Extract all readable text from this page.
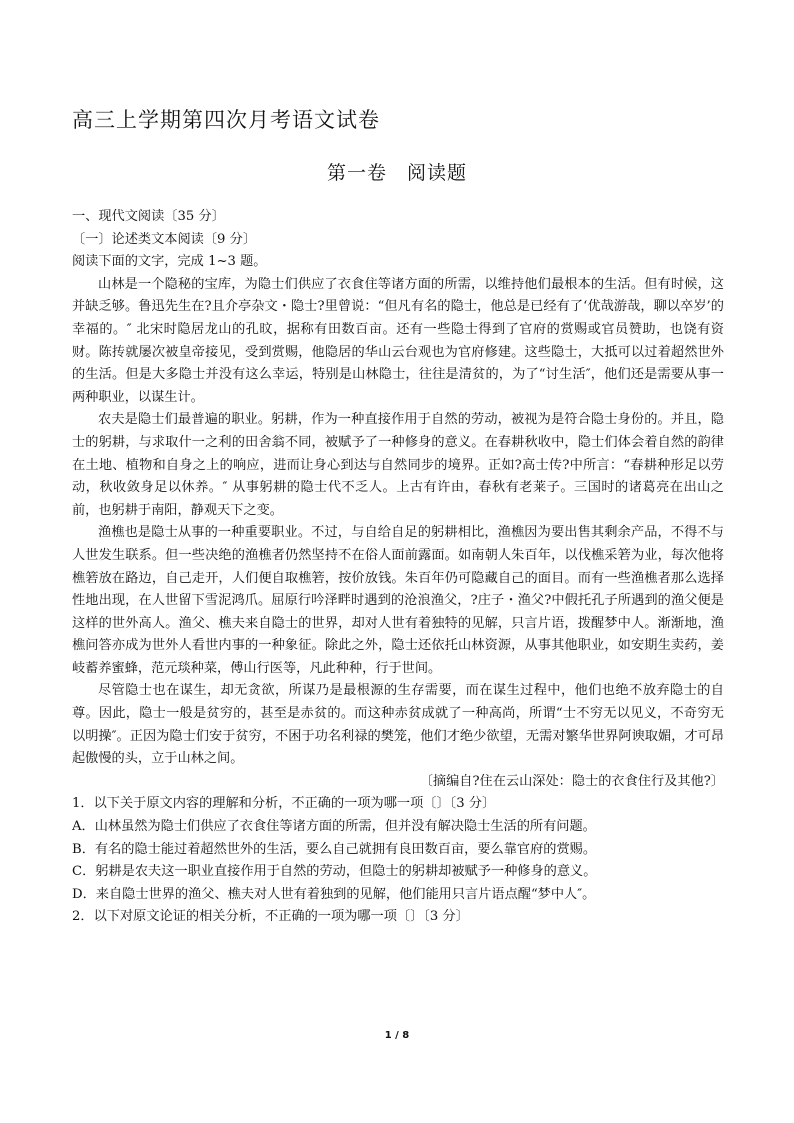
高三上学期第四次月考语文试卷
第一卷　阅读题
一、现代文阅读〔35 分〕
〔一〕论述类文本阅读〔9 分〕
阅读下面的文字，完成 1~3 题。
山林是一个隐秘的宝库，为隐士们供应了衣食住等诸方面的所需，以维持他们最根本的生活。但有时候，这并缺乏够。鲁迅先生在?且介亭杂文・隐士?里曾说：“但凡有名的隐士，他总是已经有了‘优哉游哉，聊以卒岁’的幸福的。″ 北宋时隐居龙山的孔旼，据称有田数百亩。还有一些隐士得到了官府的赏赐或官员赞助，也饶有资财。陈抟就屡次被皇帝接见，受到赏赐，他隐居的华山云台观也为官府修建。这些隐士，大抵可以过着超然世外的生活。但是大多隐士并没有这么幸运，特别是山林隐士，往往是清贫的，为了“讨生活″，他们还是需要从事一两种职业，以谋生计。
农夫是隐士们最普遍的职业。躬耕，作为一种直接作用于自然的劳动，被视为是符合隐士身份的。并且，隐士的躬耕，与求取什一之利的田舍翁不同，被赋予了一种修身的意义。在春耕秋收中，隐士们体会着自然的韵律在土地、植物和自身之上的响应，进而让身心到达与自然同步的境界。正如?高士传?中所言：“春耕种形足以劳动，秋收敛身足以休养。″ 从事躬耕的隐士代不乏人。上古有许由，春秋有老莱子。三国时的诸葛亮在出山之前，也躬耕于南阳，静观天下之变。
渔樵也是隐士从事的一种重要职业。不过，与自给自足的躬耕相比，渔樵因为要出售其剩余产品，不得不与人世发生联系。但一些决绝的渔樵者仍然坚持不在俗人面前露面。如南朝人朱百年，以伐樵采箬为业，每次他将樵箬放在路边，自己走开，人们便自取樵箬，按价放钱。朱百年仍可隐藏自己的面目。而有一些渔樵者那么选择性地出现，在人世留下雪泥鸿爪。屈原行吟泽畔时遇到的沧浪渔父，?庄子・渔父?中假托孔子所遇到的渔父便是这样的世外高人。渔父、樵夫来自隐士的世界，却对人世有着独特的见解，只言片语，拨醒梦中人。渐渐地，渔樵问答亦成为世外人看世内事的一种象征。除此之外，隐士还依托山林资源，从事其他职业，如安期生卖药，姜岐蓄养蜜蜂，范元琰种菜，傅山行医等，凡此种种，行于世间。
尽管隐士也在谋生，却无贪欲，所谋乃是最根源的生存需要，而在谋生过程中，他们也绝不放弃隐士的自尊。因此，隐士一般是贫穷的，甚至是赤贫的。而这种赤贫成就了一种高尚，所谓“士不穷无以见义，不奇穷无以明操″。正因为隐士们安于贫穷，不困于功名利禄的樊笼，他们才绝少欲望，无需对繁华世界阿谀取媚，才可昂起傲慢的头，立于山林之间。
〔摘编自?住在云山深处：隐士的衣食住行及其他?〕
1．以下关于原文内容的理解和分析，不正确的一项为哪一项〔〕〔3 分〕
A．山林虽然为隐士们供应了衣食住等诸方面的所需，但并没有解决隐士生活的所有问题。
B．有名的隐士能过着超然世外的生活，要么自己就拥有良田数百亩，要么靠官府的赏赐。
C．躬耕是农夫这一职业直接作用于自然的劳动，但隐士的躬耕却被赋予一种修身的意义。
D．来自隐士世界的渔父、樵夫对人世有着独到的见解，他们能用只言片语点醒“梦中人″。
2．以下对原文论证的相关分析，不正确的一项为哪一项〔〕〔3 分〕
1 / 8
